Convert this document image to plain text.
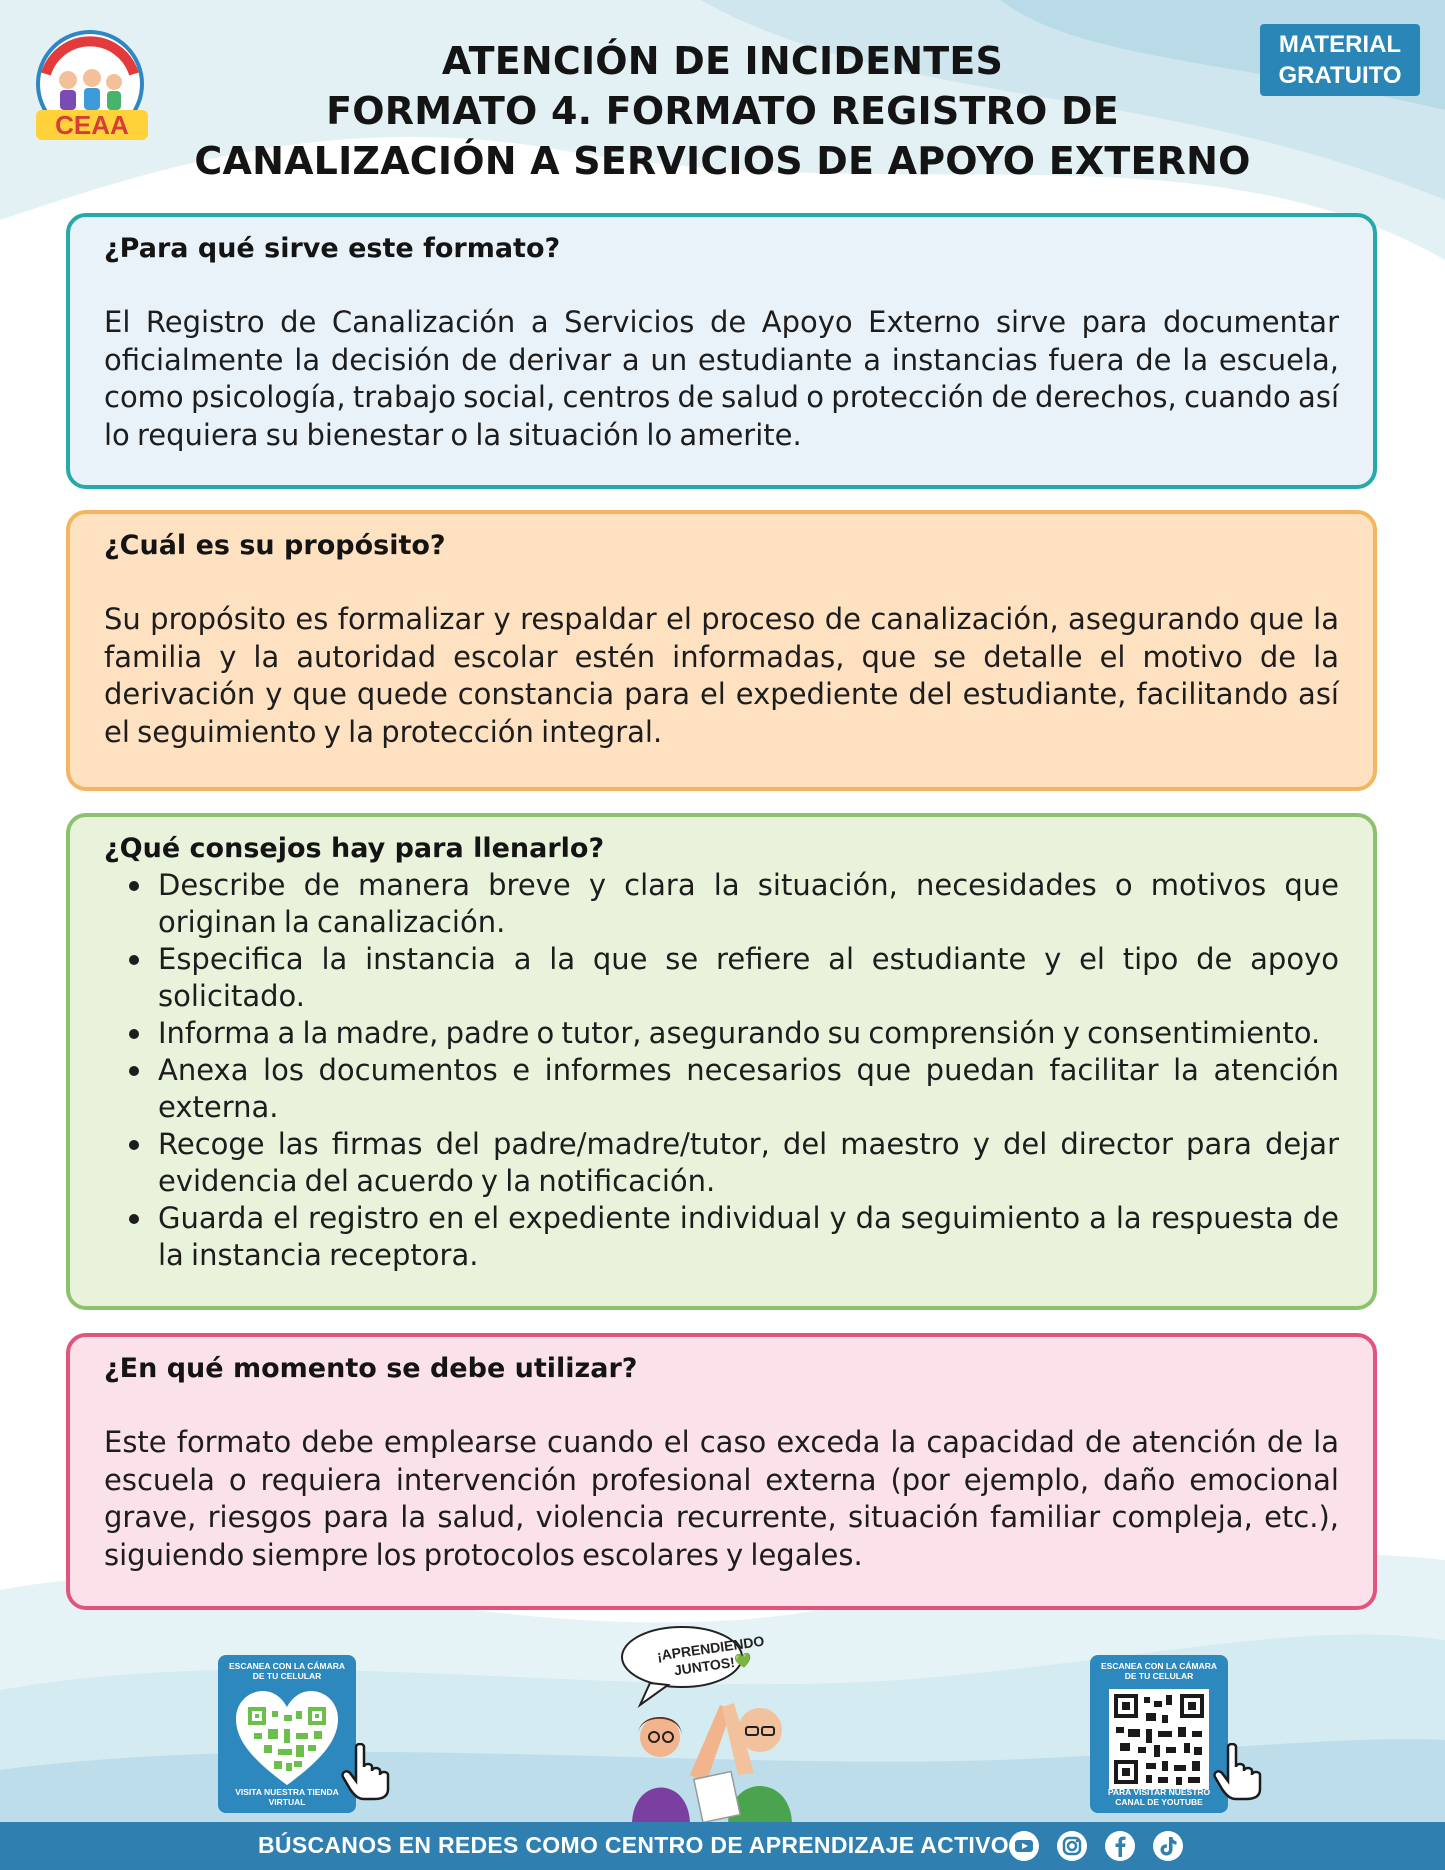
CEAA
ATENCIÓN DE INCIDENTES
FORMATO 4. FORMATO REGISTRO DE
CANALIZACIÓN A SERVICIOS DE APOYO EXTERNO
MATERIAL
GRATUITO
¿Para qué sirve este formato?

El Registro de Canalización a Servicios de Apoyo Externo sirve para documentar oficialmente la decisión de derivar a un estudiante a instancias fuera de la escuela, como psicología, trabajo social, centros de salud o protección de derechos, cuando así lo requiera su bienestar o la situación lo amerite.

¿Cuál es su propósito?

Su propósito es formalizar y respaldar el proceso de canalización, asegurando que la familia y la autoridad escolar estén informadas, que se detalle el motivo de la derivación y que quede constancia para el expediente del estudiante, facilitando así el seguimiento y la protección integral.

¿Qué consejos hay para llenarlo?
Describe de manera breve y clara la situación, necesidades o motivos que originan la canalización.
Especifica la instancia a la que se refiere al estudiante y el tipo de apoyo solicitado.
Informa a la madre, padre o tutor, asegurando su comprensión y consentimiento.
Anexa los documentos e informes necesarios que puedan facilitar la atención externa.
Recoge las firmas del padre/madre/tutor, del maestro y del director para dejar evidencia del acuerdo y la notificación.
Guarda el registro en el expediente individual y da seguimiento a la respuesta de la instancia receptora.
¿En qué momento se debe utilizar?

Este formato debe emplearse cuando el caso exceda la capacidad de atención de la escuela o requiera intervención profesional externa (por ejemplo, daño emocional grave, riesgos para la salud, violencia recurrente, situación familiar compleja, etc.), siguiendo siempre los protocolos escolares y legales.

ESCANEA CON LA CÁMARA DE TU CELULAR
VISITA NUESTRA TIENDA VIRTUAL
¡APRENDIENDO JUNTOS!💚	ESCANEA CON LA CÁMARA DE TU CELULAR
PARA VISITAR NUESTRO CANAL DE YOUTUBE
BÚSCANOS EN REDES COMO CENTRO DE APRENDIZAJE ACTIVO
